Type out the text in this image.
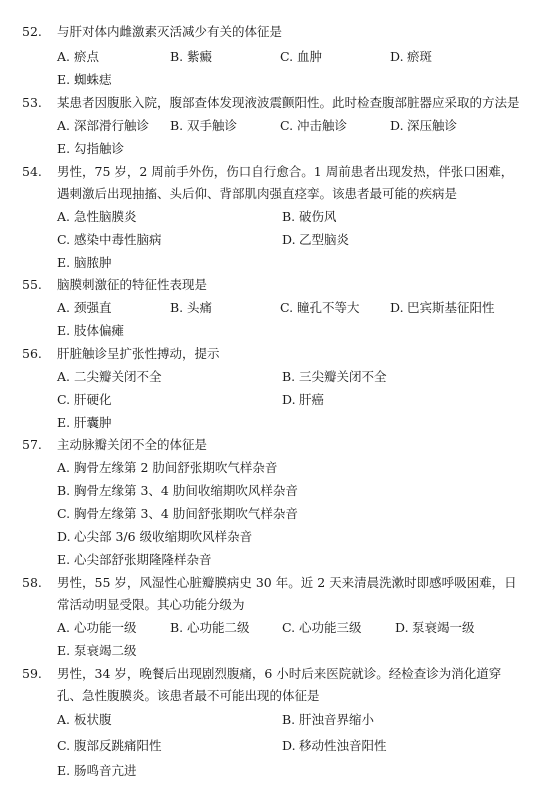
52. 与肝对体内雌激素灭活减少有关的体征是
A. 瘀点	B. 紫癜	C. 血肿	D. 瘀斑
E. 蜘蛛痣
53. 某患者因腹胀入院，腹部查体发现液波震颤阳性。此时检查腹部脏器应采取的方法是
A. 深部滑行触诊 B. 双手触诊	C. 冲击触诊	D. 深压触诊
E. 勾指触诊
54. 男性，75 岁，2 周前手外伤，伤口自行愈合。1 周前患者出现发热，伴张口困难，
遇刺激后出现抽搐、头后仰、背部肌肉强直痉挛。该患者最可能的疾病是
A. 急性脑膜炎	B. 破伤风
C. 感染中毒性脑病	D. 乙型脑炎
E. 脑脓肿
55. 脑膜刺激征的特征性表现是
A. 颈强直	B. 头痛	C. 瞳孔不等大 D. 巴宾斯基征阳性
E. 肢体偏瘫
56. 肝脏触诊呈扩张性搏动，提示
A. 二尖瓣关闭不全	B. 三尖瓣关闭不全
C. 肝硬化	D. 肝癌
E. 肝囊肿
57. 主动脉瓣关闭不全的体征是
A. 胸骨左缘第 2 肋间舒张期吹气样杂音
B. 胸骨左缘第 3、4 肋间收缩期吹风样杂音
C. 胸骨左缘第 3、4 肋间舒张期吹气样杂音
D. 心尖部 3/6 级收缩期吹风样杂音
E. 心尖部舒张期隆隆样杂音
58. 男性，55 岁，风湿性心脏瓣膜病史 30 年。近 2 天来清晨洗漱时即感呼吸困难，日
常活动明显受限。其心功能分级为
A. 心功能一级	B. 心功能二级	C. 心功能三级	D. 泵衰竭一级
E. 泵衰竭二级
59. 男性，34 岁，晚餐后出现剧烈腹痛，6 小时后来医院就诊。经检查诊为消化道穿
孔、急性腹膜炎。该患者最不可能出现的体征是
A. 板状腹	B. 肝浊音界缩小
C. 腹部反跳痛阳性	D. 移动性浊音阳性
E. 肠鸣音亢进
